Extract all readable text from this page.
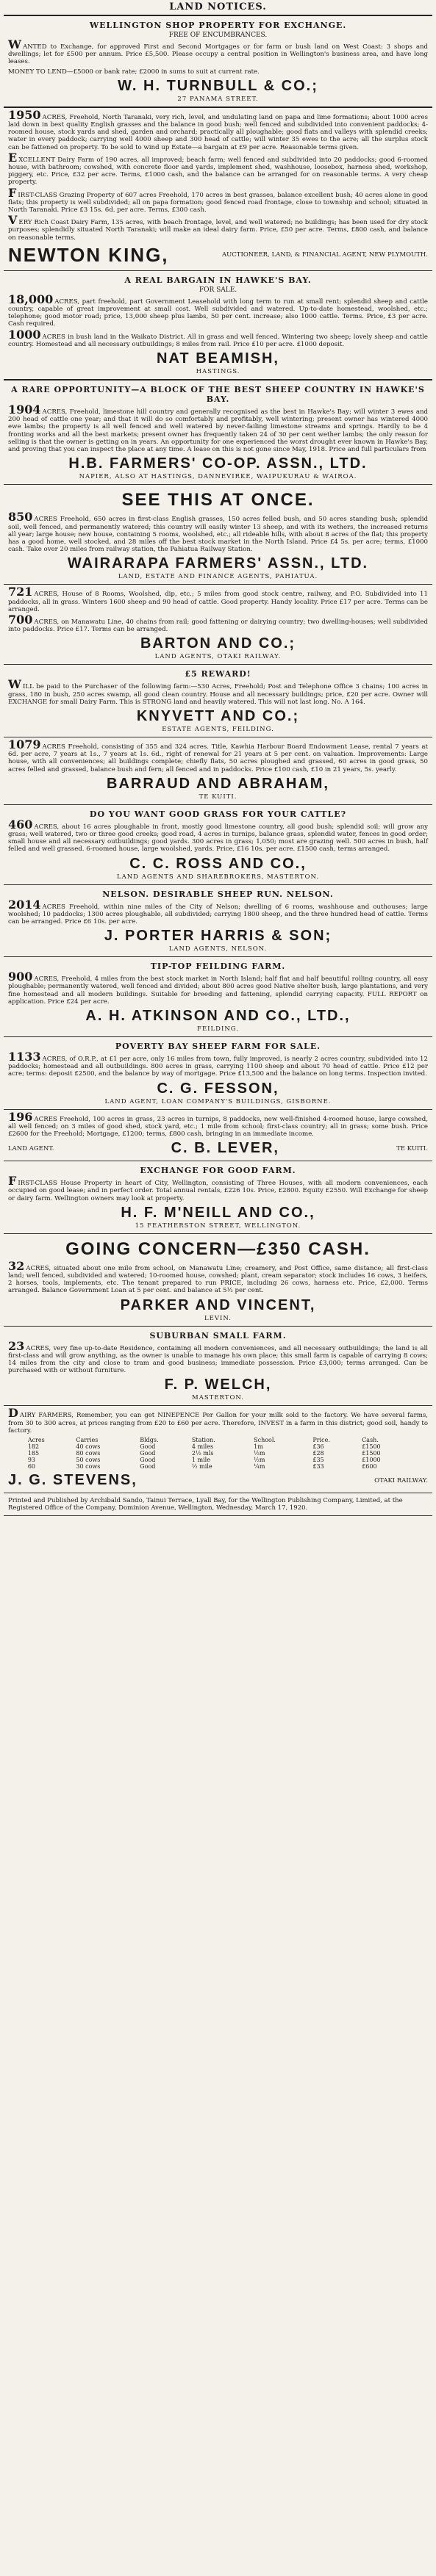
LAND NOTICES.
WELLINGTON SHOP PROPERTY FOR EXCHANGE.
FREE OF ENCUMBRANCES.
WANTED to Exchange, for approved First and Second Mortgages or for farm or bush land on West Coast: 3 shops and dwellings; let for £500 per annum. Price £5,500. Please occupy a central position in Wellington's business area, and have long leases.
MONEY TO LEND—£5000 or bank rate; £2000 in sums to suit at current rate.
W. H. TURNBULL & CO.;
27 PANAMA STREET.
1950 ACRES, Freehold, North Taranaki, very rich, level, and undulating land on papa and lime formations; about 1000 acres laid down in best quality English grasses and the balance in good bush; well fenced and subdivided into convenient paddocks; 4-roomed house, stock yards and shed, garden and orchard; practically all ploughable; good flats and valleys with splendid creeks; water in every paddock; carrying well 4000 sheep and 300 head of cattle; will winter 35 ewes to the acre; all the surplus stock can be fattened on property. To be sold to wind up Estate—a bargain at £9 per acre. Reasonable terms given.
EXCELLENT Dairy Farm of 190 acres, all improved; beach farm; well fenced and subdivided into 20 paddocks; good 6-roomed house, with bathroom; cowshed, with concrete floor and yards, implement shed, washhouse, loosebox, harness shed, workshop, piggery, etc. Price, £32 per acre. Terms, £1000 cash, and the balance can be arranged for on reasonable terms. A very cheap property.
FIRST-CLASS Grazing Property of 607 acres Freehold, 170 acres in best grasses, balance excellent bush; 40 acres alone in good flats; this property is well subdivided; all on papa formation; good fenced road frontage, close to township and school; situated in North Taranaki. Price £3 15s. 6d. per acre. Terms, £300 cash.
VERY Rich Coast Dairy Farm, 135 acres, with beach frontage, level, and well watered; no buildings; has been used for dry stock purposes; splendidly situated North Taranaki; will make an ideal dairy farm. Price, £50 per acre. Terms, £800 cash, and balance on reasonable terms.
NEWTON KING,	AUCTIONEER, LAND, & FINANCIAL AGENT, NEW PLYMOUTH.
A REAL BARGAIN IN HAWKE'S BAY.
FOR SALE.
18,000 ACRES, part freehold, part Government Leasehold with long term to run at small rent; splendid sheep and cattle country, capable of great improvement at small cost. Well subdivided and watered. Up-to-date homestead, woolshed, etc.; telephone; good motor road; price, 13,000 sheep plus lambs, 50 per cent. increase; also 1000 cattle. Terms. Price, £3 per acre. Cash required.
1000 ACRES in bush land in the Waikato District. All in grass and well fenced. Wintering two sheep; lovely sheep and cattle country. Homestead and all necessary outbuildings; 8 miles from rail. Price £10 per acre. £1000 deposit.
NAT BEAMISH,
HASTINGS.
A RARE OPPORTUNITY—A BLOCK OF THE BEST SHEEP COUNTRY IN HAWKE'S BAY.
1904 ACRES, Freehold, limestone hill country and generally recognised as the best in Hawke's Bay; will winter 3 ewes and 200 head of cattle one year; and that it will do so comfortably and profitably, well wintering; present owner has wintered 4000 ewe lambs; the property is all well fenced and well watered by never-failing limestone streams and springs. Hardly to be 4 fronting works and all the best markets; present owner has frequently taken 24 of 30 per cent wether lambs; the only reason for selling is that the owner is getting on in years. An opportunity for one experienced the worst drought ever known in Hawke's Bay, and proving that you can inspect the place at any time. A lease on this is not gone since May, 1918. Price and full particulars from
H.B. FARMERS' CO-OP. ASSN., LTD.
NAPIER, ALSO AT HASTINGS, DANNEVIRKE, WAIPUKURAU & WAIROA.
SEE THIS AT ONCE.
850 ACRES Freehold, 650 acres in first-class English grasses, 150 acres felled bush, and 50 acres standing bush; splendid soil, well fenced, and permanently watered; this country will easily winter 13 sheep, and with its wethers, the increased returns all year; large house; new house, containing 5 rooms, woolshed, etc.; all rideable hills, with about 8 acres of the flat; this property has a good home, well stocked, and 28 miles off the best stock market in the North Island. Price £4 5s. per acre; terms, £1000 cash. Take over 20 miles from railway station, the Pahiatua Railway Station.
WAIRARAPA FARMERS' ASSN., LTD.
LAND, ESTATE AND FINANCE AGENTS, PAHIATUA.
721 ACRES, House of 8 Rooms, Woolshed, dip, etc.; 5 miles from good stock centre, railway, and P.O. Subdivided into 11 paddocks, all in grass. Winters 1600 sheep and 90 head of cattle. Good property. Handy locality. Price £17 per acre. Terms can be arranged.
700 ACRES, on Manawatu Line, 40 chains from rail; good fattening or dairying country; two dwelling-houses; well subdivided into paddocks. Price £17. Terms can be arranged.
BARTON AND CO.;
LAND AGENTS, OTAKI RAILWAY.
£5 REWARD!
WILL be paid to the Purchaser of the following farm:—530 Acres, Freehold; Post and Telephone Office 3 chains; 100 acres in grass, 180 in bush, 250 acres swamp, all good clean country. House and all necessary buildings; price, £20 per acre. Owner will EXCHANGE for small Dairy Farm. This is STRONG land and heavily watered. This will not last long. No. A 164.
KNYVETT AND CO.;
ESTATE AGENTS, FEILDING.
1079 ACRES Freehold, consisting of 355 and 324 acres. Title, Kawhia Harbour Board Endowment Lease, rental 7 years at 6d. per acre, 7 years at 1s., 7 years at 1s. 6d., right of renewal for 21 years at 5 per cent. on valuation. Improvements: Large house, with all conveniences; all buildings complete; chiefly flats, 50 acres ploughed and grassed, 60 acres in good grass, 50 acres felled and grassed, balance bush and fern; all fenced and in paddocks. Price £100 cash, £10 in 21 years, 5s. yearly.
BARRAUD AND ABRAHAM,
TE KUITI.
DO YOU WANT GOOD GRASS FOR YOUR CATTLE?
460 ACRES, about 16 acres ploughable in front, mostly good limestone country, all good bush; splendid soil; will grow any grass; well watered, two or three good creeks; good road, 4 acres in turnips, balance grass, splendid water, fences in good order; small house and all necessary outbuildings; good yards. 300 acres in grass; 1,050; most are grazing well. 500 acres in bush, half felled and well grassed. 6-roomed house, large woolshed, yards. Price, £16 10s. per acre. £1500 cash, terms arranged.
C. C. ROSS AND CO.,
LAND AGENTS AND SHAREBROKERS, MASTERTON.
NELSON. DESIRABLE SHEEP RUN. NELSON.
2014 ACRES Freehold, within nine miles of the City of Nelson; dwelling of 6 rooms, washhouse and outhouses; large woolshed; 10 paddocks; 1300 acres ploughable, all subdivided; carrying 1800 sheep, and the three hundred head of cattle. Terms can be arranged. Price £6 10s. per acre.
J. PORTER HARRIS & SON;
LAND AGENTS, NELSON.
TIP-TOP FEILDING FARM.
900 ACRES, Freehold, 4 miles from the best stock market in North Island; half flat and half beautiful rolling country, all easy ploughable; permanently watered, well fenced and divided; about 800 acres good Native shelter bush, large plantations, and very fine homestead and all modern buildings. Suitable for breeding and fattening, splendid carrying capacity. FULL REPORT on application. Price £24 per acre.
A. H. ATKINSON AND CO., LTD.,
FEILDING.
POVERTY BAY SHEEP FARM FOR SALE.
1133 ACRES, of O.R.P., at £1 per acre, only 16 miles from town, fully improved, is nearly 2 acres country, subdivided into 12 paddocks; homestead and all outbuildings. 800 acres in grass, carrying 1100 sheep and about 70 head of cattle. Price £12 per acre; terms: deposit £2500, and the balance by way of mortgage. Price £13,500 and the balance on long terms. Inspection invited.
C. G. FESSON,
LAND AGENT, LOAN COMPANY'S BUILDINGS, GISBORNE.
196 ACRES Freehold, 100 acres in grass, 23 acres in turnips, 8 paddocks, new well-finished 4-roomed house, large cowshed, all well fenced; on 3 miles of good shed, stock yard, etc.; 1 mile from school; first-class country; all in grass; some bush. Price £2600 for the Freehold; Mortgage, £1200; terms, £800 cash, bringing in an immediate income.
LAND AGENT.	C. B. LEVER,	TE KUITI.
EXCHANGE FOR GOOD FARM.
FIRST-CLASS House Property in heart of City, Wellington, consisting of Three Houses, with all modern conveniences, each occupied on good lease; and in perfect order. Total annual rentals, £226 10s. Price, £2800. Equity £2550. Will Exchange for sheep or dairy farm. Wellington owners may look at property.
H. F. M'NEILL AND CO.,
15 FEATHERSTON STREET, WELLINGTON.
GOING CONCERN—£350 CASH.
32 ACRES, situated about one mile from school, on Manawatu Line; creamery, and Post Office, same distance; all first-class land; well fenced, subdivided and watered; 10-roomed house, cowshed; plant, cream separator; stock includes 16 cows, 3 heifers, 2 horses, tools, implements, etc. The tenant prepared to run PRICE, including 26 cows, harness etc. Price, £2,000. Terms arranged. Balance Government Loan at 5 per cent. and balance at 5½ per cent.
PARKER AND VINCENT,
LEVIN.
SUBURBAN SMALL FARM.
23 ACRES, very fine up-to-date Residence, containing all modern conveniences, and all necessary outbuildings; the land is all first-class and will grow anything, as the owner is unable to manage his own place; this small farm is capable of carrying 8 cows; 14 miles from the city and close to tram and good business; immediate possession. Price £3,000; terms arranged. Can be purchased with or without furniture.
F. P. WELCH,
MASTERTON.
DAIRY FARMERS, Remember, you can get NINEPENCE Per Gallon for your milk sold to the factory. We have several farms, from 30 to 300 acres, at prices ranging from £20 to £60 per acre. Therefore, INVEST in a farm in this district; good soil, handy to factory.
Acres	Carries	Bldgs.	Station.	School.	Price.	Cash.
182	40 cows	Good	4 miles	1m	£36	£1500
185	80 cows	Good	2½ mls	½m	£28	£1500
93	50 cows	Good	1 mile	½m	£35	£1000
60	30 cows	Good	½ mile	¼m	£33	£600
J. G. STEVENS,	OTAKI RAILWAY.
Printed and Published by Archibald Sando, Tainui Terrace, Lyall Bay, for the Wellington Publishing Company, Limited, at the Registered Office of the Company, Dominion Avenue, Wellington, Wednesday, March 17, 1920.
